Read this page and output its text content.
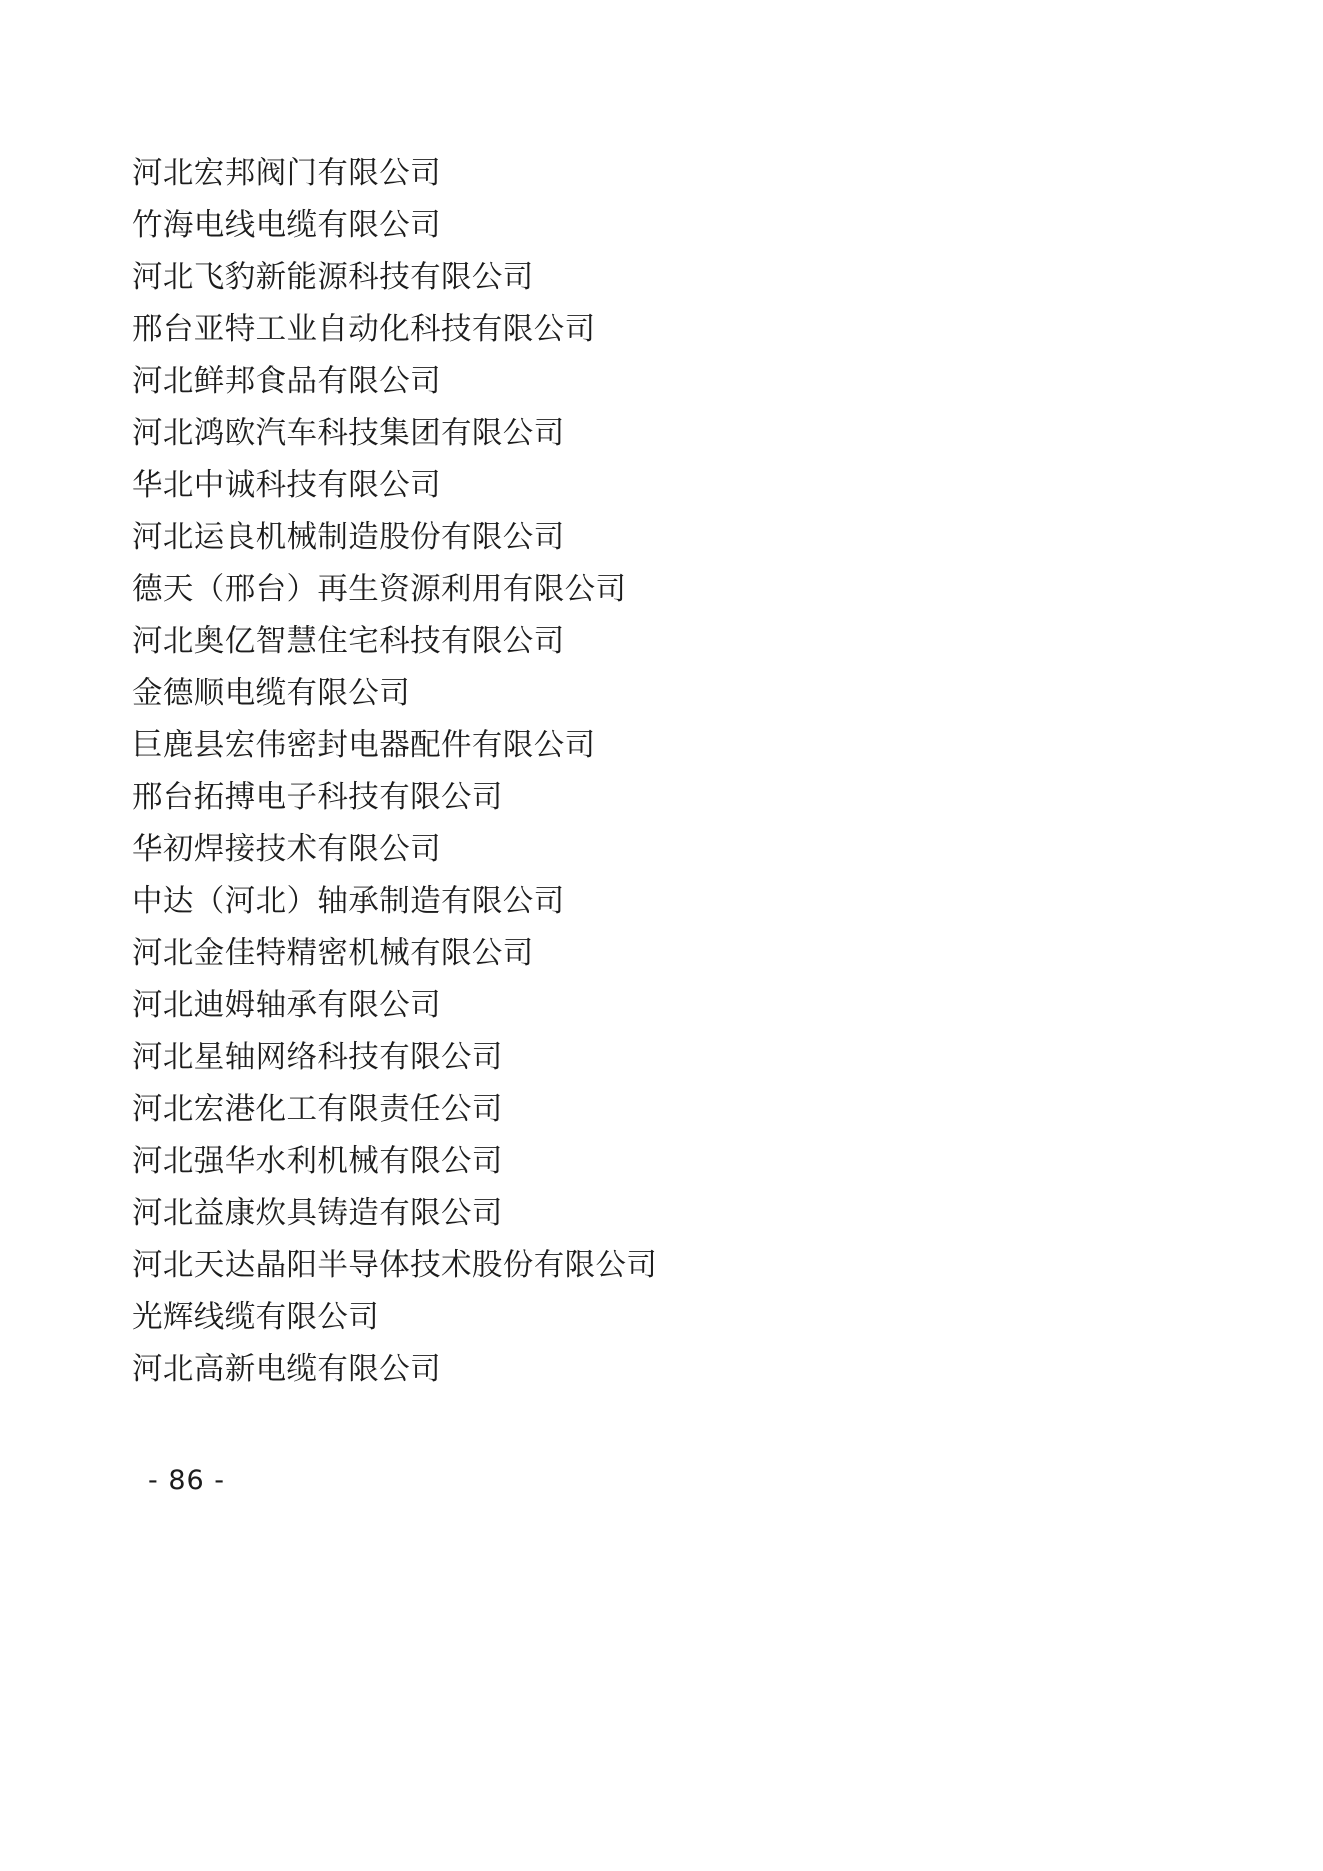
河北宏邦阀门有限公司
竹海电线电缆有限公司
河北飞豹新能源科技有限公司
邢台亚特工业自动化科技有限公司
河北鲜邦食品有限公司
河北鸿欧汽车科技集团有限公司
华北中诚科技有限公司
河北运良机械制造股份有限公司
德天（邢台）再生资源利用有限公司
河北奥亿智慧住宅科技有限公司
金德顺电缆有限公司
巨鹿县宏伟密封电器配件有限公司
邢台拓搏电子科技有限公司
华初焊接技术有限公司
中达（河北）轴承制造有限公司
河北金佳特精密机械有限公司
河北迪姆轴承有限公司
河北星轴网络科技有限公司
河北宏港化工有限责任公司
河北强华水利机械有限公司
河北益康炊具铸造有限公司
河北天达晶阳半导体技术股份有限公司
光辉线缆有限公司
河北高新电缆有限公司
- 86 -
